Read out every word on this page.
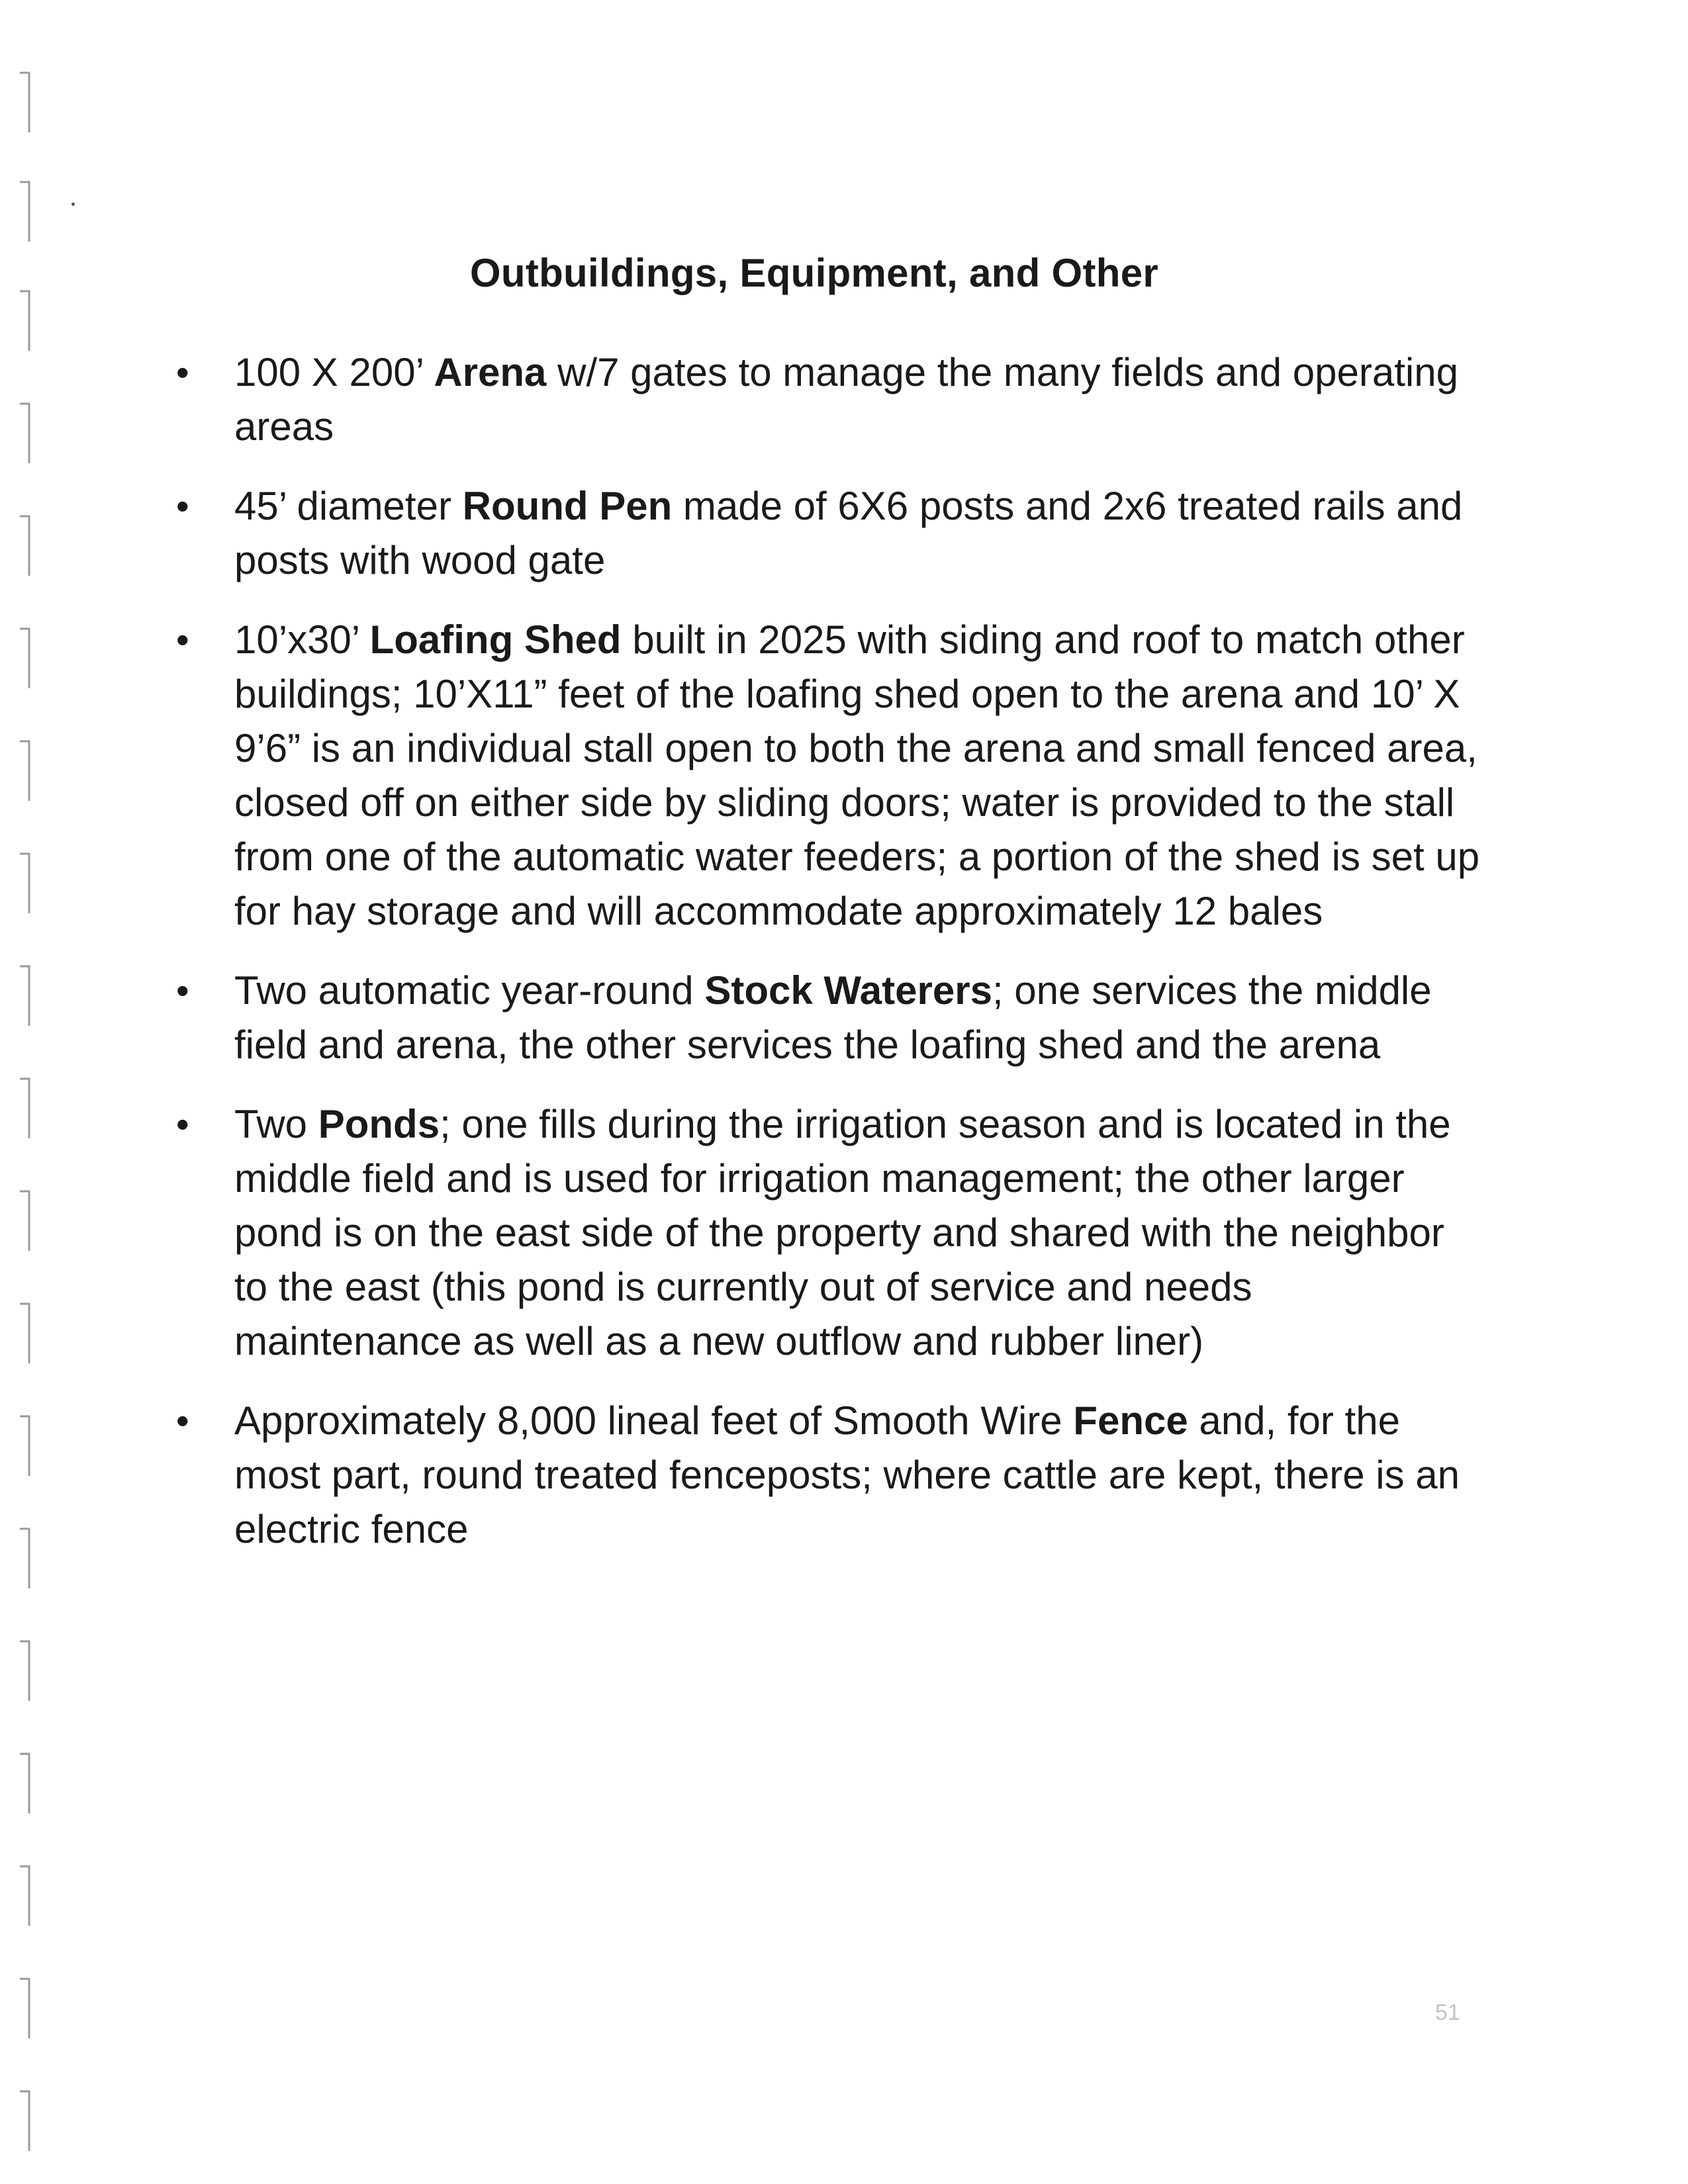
Outbuildings, Equipment, and Other
• 100 X 200’ Arena w/7 gates to manage the many fields and operating areas
• 45’ diameter Round Pen made of 6X6 posts and 2x6 treated rails and posts with wood gate
• 10’x30’ Loafing Shed built in 2025 with siding and roof to match other buildings; 10’X11” feet of the loafing shed open to the arena and 10’ X 9’6” is an individual stall open to both the arena and small fenced area, closed off on either side by sliding doors; water is provided to the stall from one of the automatic water feeders; a portion of the shed is set up for hay storage and will accommodate approximately 12 bales
• Two automatic year-round Stock Waterers; one services the middle field and arena, the other services the loafing shed and the arena
• Two Ponds; one fills during the irrigation season and is located in the middle field and is used for irrigation management; the other larger pond is on the east side of the property and shared with the neighbor to the east (this pond is currently out of service and needs maintenance as well as a new outflow and rubber liner)
• Approximately 8,000 lineal feet of Smooth Wire Fence and, for the most part, round treated fenceposts; where cattle are kept, there is an electric fence
51
